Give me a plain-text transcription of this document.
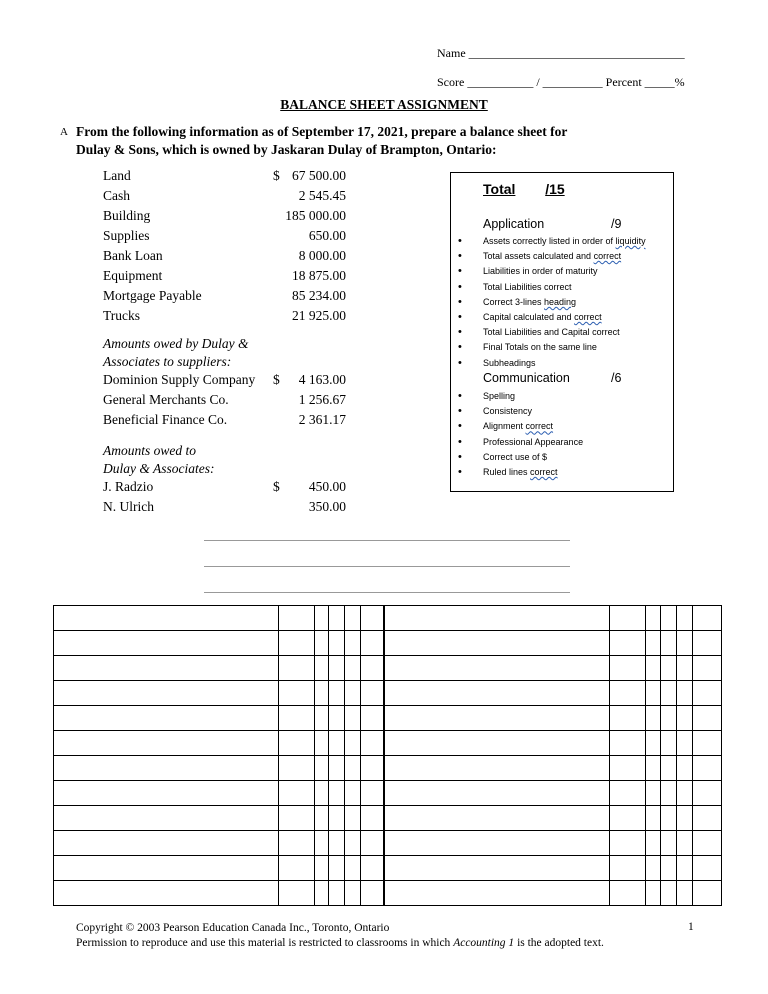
Name ____________________________________
Score ___________ / __________ Percent _____%
BALANCE SHEET ASSIGNMENT
A From the following information as of September 17, 2021, prepare a balance sheet for
Dulay & Sons, which is owned by Jaskaran Dulay of Brampton, Ontario:
Land	$ 67 500.00
Cash	2 545.45
Building	185 000.00
Supplies	650.00
Bank Loan	8 000.00
Equipment	18 875.00
Mortgage Payable	85 234.00
Trucks	21 925.00
Amounts owed by Dulay &
Associates to suppliers:
Dominion Supply Company	$	4 163.00
General Merchants Co.	1 256.67
Beneficial Finance Co.	2 361.17
Amounts owed to
Dulay & Associates:
J. Radzio	$	450.00
N. Ulrich	350.00
Total /15
Application	/9
• Assets correctly listed in order of liquidity
• Total assets calculated and correct
• Liabilities in order of maturity
• Total Liabilities correct
• Correct 3-lines heading
• Capital calculated and correct
• Total Liabilities and Capital correct
• Final Totals on the same line
• Subheadings
Communication	/6
• Spelling
• Consistency
• Alignment correct
• Professional Appearance
• Correct use of $
• Ruled lines correct

Copyright © 2003 Pearson Education Canada Inc., Toronto, Ontario
Permission to reproduce and use this material is restricted to classrooms in which Accounting 1 is the adopted text.
1
